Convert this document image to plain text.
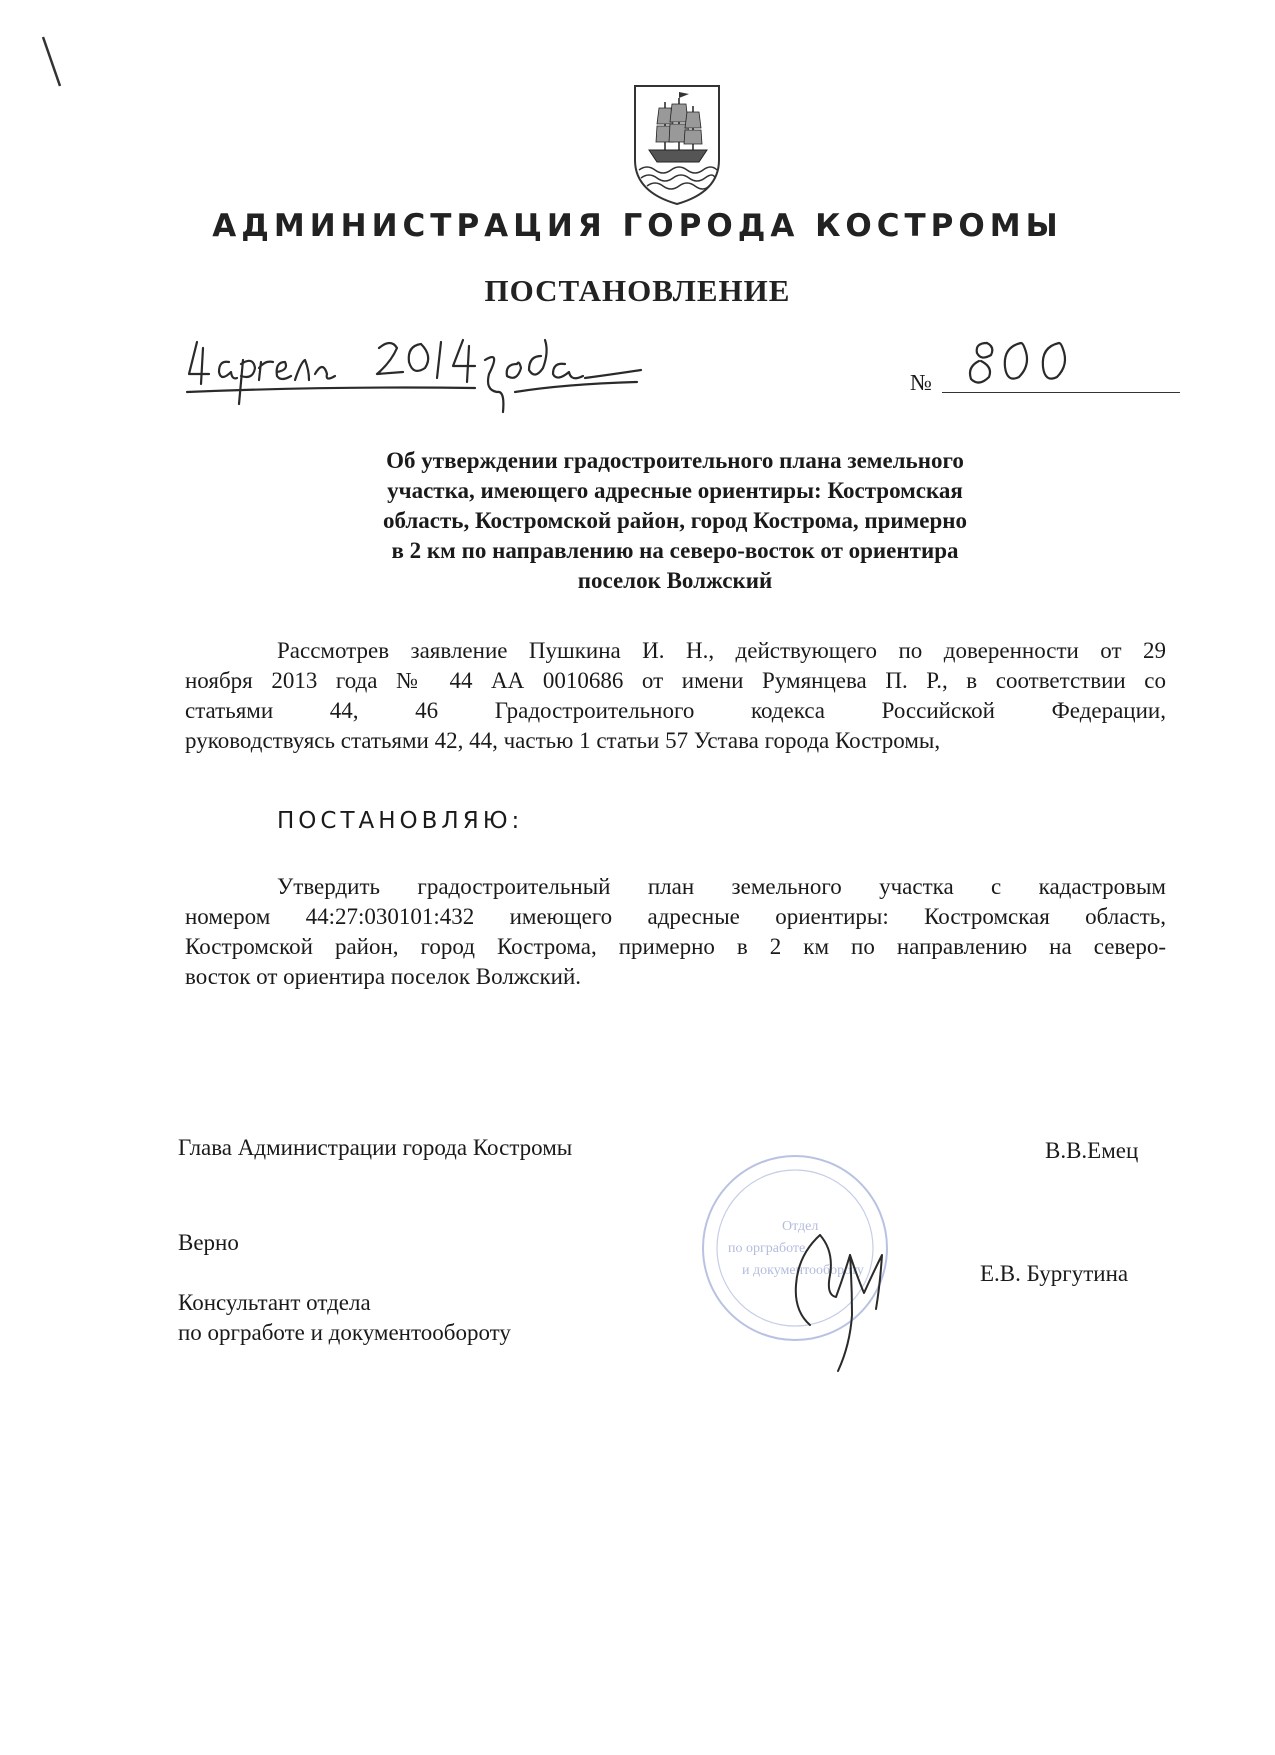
АДМИНИСТРАЦИЯ ГОРОДА КОСТРОМЫ
ПОСТАНОВЛЕНИЕ
№
Об утверждении градостроительного плана земельного
участка, имеющего адресные ориентиры: Костромская
область, Костромской район, город Кострома, примерно
в 2 км по направлению на северо-восток от ориентира
поселок Волжский
Рассмотрев заявление Пушкина И. Н., действующего по доверенности от 29
ноября 2013 года № 44 АА 0010686 от имени Румянцева П. Р., в соответствии со
статьями 44, 46 Градостроительного кодекса Российской Федерации,
руководствуясь статьями 42, 44, частью 1 статьи 57 Устава города Костромы,
ПОСТАНОВЛЯЮ:
Утвердить градостроительный план земельного участка с кадастровым
номером 44:27:030101:432 имеющего адресные ориентиры: Костромская область,
Костромской район, город Кострома, примерно в 2 км по направлению на северо-
восток от ориентира поселок Волжский.
Глава Администрации города Костромы	В.В.Емец
Отдел
по оргработе
и документообороту
Верно
Консультант отдела
по оргработе и документообороту
Е.В. Бургутина
